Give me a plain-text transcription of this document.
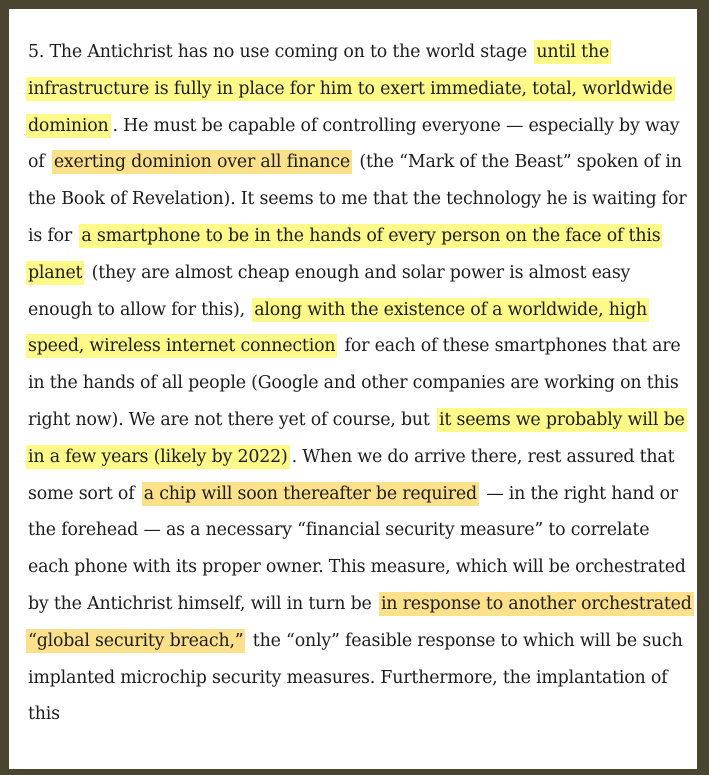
5. The Antichrist has no use coming on to the world stage until the infrastructure is fully in place for him to exert immediate, total, worldwide dominion . He must be capable of controlling everyone — especially by way of exerting dominion over all finance (the “Mark of the Beast” spoken of in the Book of Revelation). It seems to me that the technology he is waiting for is for a smartphone to be in the hands of every person on the face of this planet (they are almost cheap enough and solar power is almost easy enough to allow for this), along with the existence of a worldwide, high speed, wireless internet connection for each of these smartphones that are in the hands of all people (Google and other companies are working on this right now). We are not there yet of course, but it seems we probably will be in a few years (likely by 2022) . When we do arrive there, rest assured that some sort of a chip will soon thereafter be required — in the right hand or the forehead — as a necessary “financial security measure” to correlate each phone with its proper owner. This measure, which will be orchestrated by the Antichrist himself, will in turn be in response to another orchestrated “global security breach,” the “only” feasible response to which will be such implanted microchip security measures. Furthermore, the implantation of this
